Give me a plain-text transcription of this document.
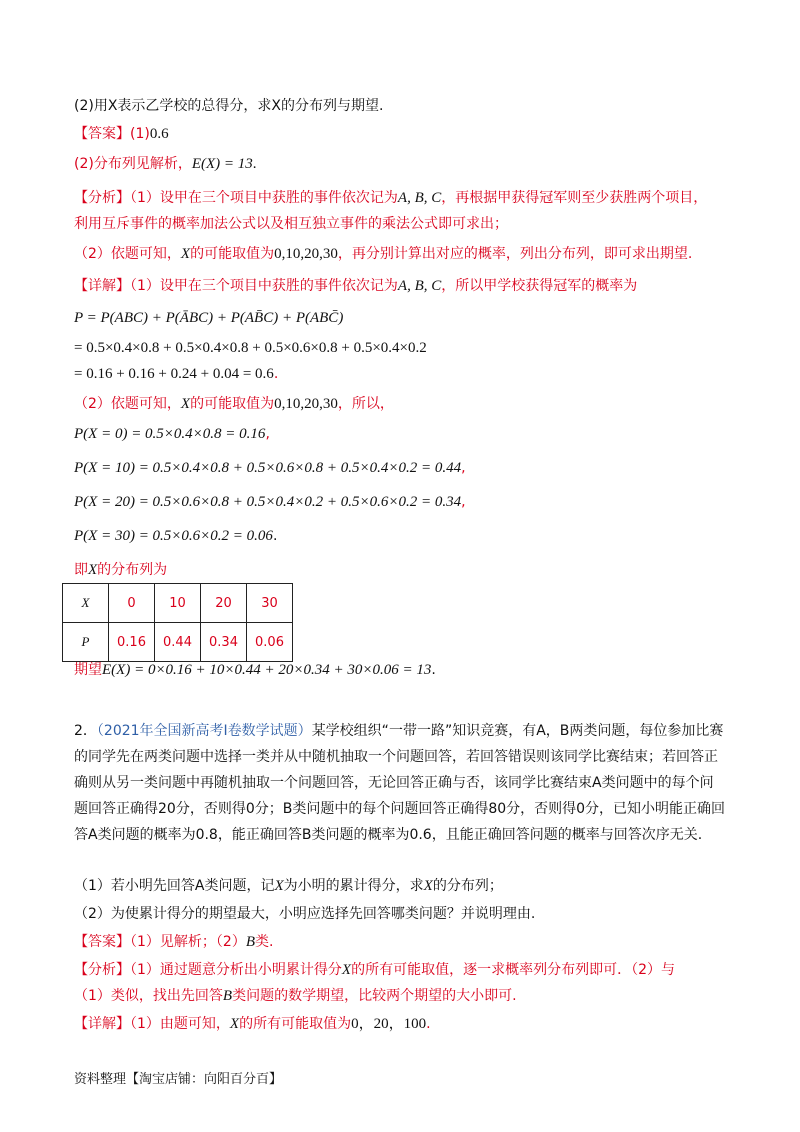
(2)用X表示乙学校的总得分，求X的分布列与期望.
【答案】(1)0.6
(2)分布列见解析，E(X) = 13.
【分析】（1）设甲在三个项目中获胜的事件依次记为A, B, C，再根据甲获得冠军则至少获胜两个项目，
利用互斥事件的概率加法公式以及相互独立事件的乘法公式即可求出；
（2）依题可知，X的可能取值为0,10,20,30，再分别计算出对应的概率，列出分布列，即可求出期望.
【详解】（1）设甲在三个项目中获胜的事件依次记为A, B, C，所以甲学校获得冠军的概率为
P = P(ABC) + P(ĀBC) + P(AB̄C) + P(ABC̄)
= 0.5×0.4×0.8 + 0.5×0.4×0.8 + 0.5×0.6×0.8 + 0.5×0.4×0.2
= 0.16 + 0.16 + 0.24 + 0.04 = 0.6.
（2）依题可知，X的可能取值为0,10,20,30，所以，
P(X = 0) = 0.5×0.4×0.8 = 0.16,
P(X = 10) = 0.5×0.4×0.8 + 0.5×0.6×0.8 + 0.5×0.4×0.2 = 0.44,
P(X = 20) = 0.5×0.6×0.8 + 0.5×0.4×0.2 + 0.5×0.6×0.2 = 0.34,
P(X = 30) = 0.5×0.6×0.2 = 0.06.
即X的分布列为
X	0	10	20	30
P	0.16	0.44	0.34	0.06
期望E(X) = 0×0.16 + 10×0.44 + 20×0.34 + 30×0.06 = 13.
2．（2021年全国新高考Ⅰ卷数学试题）某学校组织“一带一路”知识竞赛，有A，B两类问题，每位参加比赛的同学先在两类问题中选择一类并从中随机抽取一个问题回答，若回答错误则该同学比赛结束；若回答正确则从另一类问题中再随机抽取一个问题回答，无论回答正确与否，该同学比赛结束A类问题中的每个问题回答正确得20分，否则得0分；B类问题中的每个问题回答正确得80分，否则得0分，已知小明能正确回答A类问题的概率为0.8，能正确回答B类问题的概率为0.6，且能正确回答问题的概率与回答次序无关.
（1）若小明先回答A类问题，记X为小明的累计得分，求X的分布列；
（2）为使累计得分的期望最大，小明应选择先回答哪类问题？并说明理由.
【答案】（1）见解析；（2）B类.
【分析】（1）通过题意分析出小明累计得分X的所有可能取值，逐一求概率列分布列即可．（2）与
（1）类似，找出先回答B类问题的数学期望，比较两个期望的大小即可.
【详解】（1）由题可知，X的所有可能取值为0，20，100.
资料整理【淘宝店铺：向阳百分百】
